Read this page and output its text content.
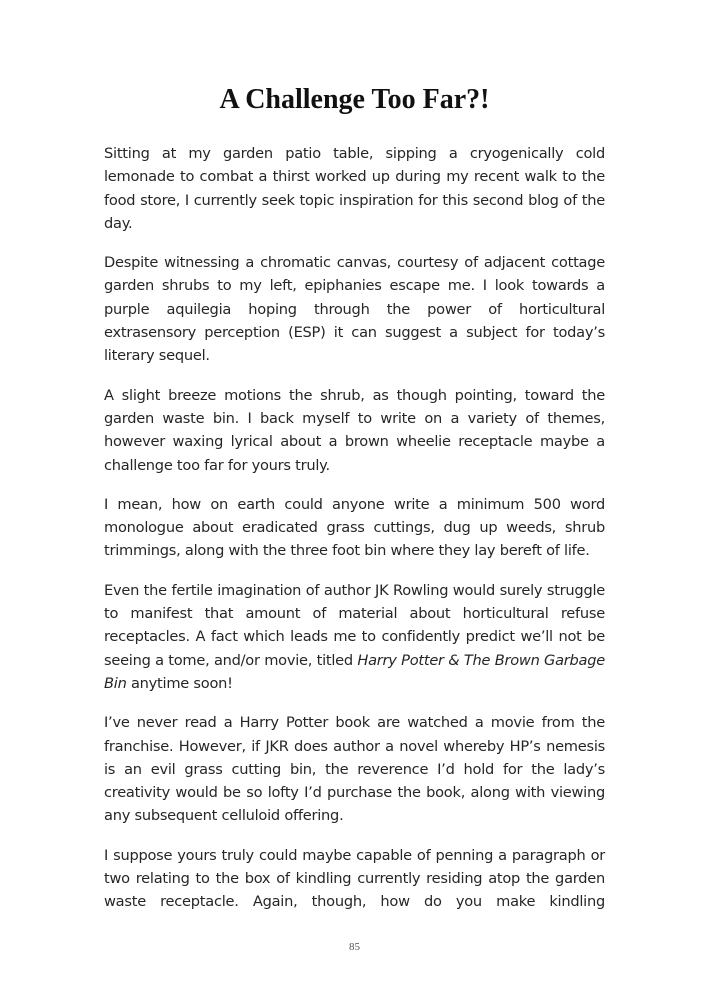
A Challenge Too Far?!

Sitting at my garden patio table, sipping a cryogenically cold lemonade to combat a thirst worked up during my recent walk to the food store, I currently seek topic inspiration for this second blog of the day.

Despite witnessing a chromatic canvas, courtesy of adjacent cottage garden shrubs to my left, epiphanies escape me. I look towards a purple aquilegia hoping through the power of horticultural extrasensory perception (ESP) it can suggest a subject for today’s literary sequel.

A slight breeze motions the shrub, as though pointing, toward the garden waste bin. I back myself to write on a variety of themes, however waxing lyrical about a brown wheelie receptacle maybe a challenge too far for yours truly.

I mean, how on earth could anyone write a minimum 500 word monologue about eradicated grass cuttings, dug up weeds, shrub trimmings, along with the three foot bin where they lay bereft of life.

Even the fertile imagination of author JK Rowling would surely struggle to manifest that amount of material about horticultural refuse receptacles. A fact which leads me to confidently predict we’ll not be seeing a tome, and/or movie, titled Harry Potter & The Brown Garbage Bin anytime soon!

I’ve never read a Harry Potter book are watched a movie from the franchise. However, if JKR does author a novel whereby HP’s nemesis is an evil grass cutting bin, the reverence I’d hold for the lady’s creativity would be so lofty I’d purchase the book, along with viewing any subsequent celluloid offering.

I suppose yours truly could maybe capable of penning a paragraph or two relating to the box of kindling currently residing atop the garden waste receptacle. Again, though, how do you make kindling

85
